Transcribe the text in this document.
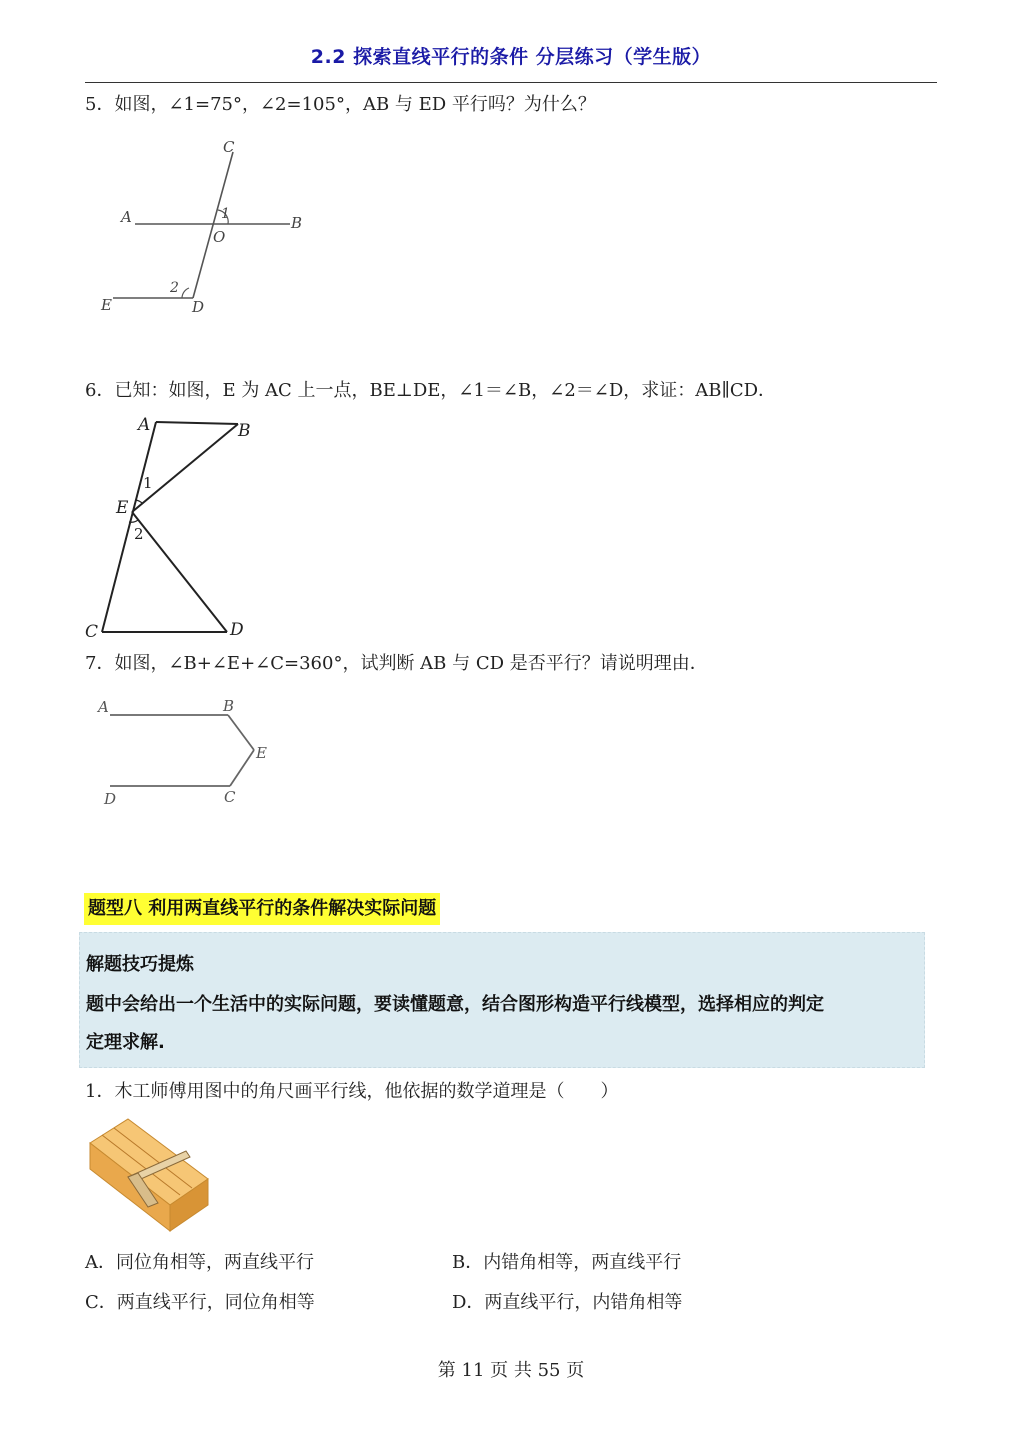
2.2 探索直线平行的条件 分层练习（学生版）
5．如图，∠1=75°，∠2=105°，AB 与 ED 平行吗？为什么？
C
A	B
O
1
2
E	D
6．已知：如图，E 为 AC 上一点，BE⊥DE，∠1＝∠B，∠2＝∠D，求证：AB∥CD．
A	B
E
1
2
C	D
7．如图，∠B+∠E+∠C=360°，试判断 AB 与 CD 是否平行？请说明理由．
A	B
E
D	C
题型八 利用两直线平行的条件解决实际问题
解题技巧提炼
题中会给出一个生活中的实际问题，要读懂题意，结合图形构造平行线模型，选择相应的判定
定理求解.
1．木工师傅用图中的角尺画平行线，他依据的数学道理是（　　）
A．同位角相等，两直线平行	B．内错角相等，两直线平行
C．两直线平行，同位角相等	D．两直线平行，内错角相等
第 11 页 共 55 页
